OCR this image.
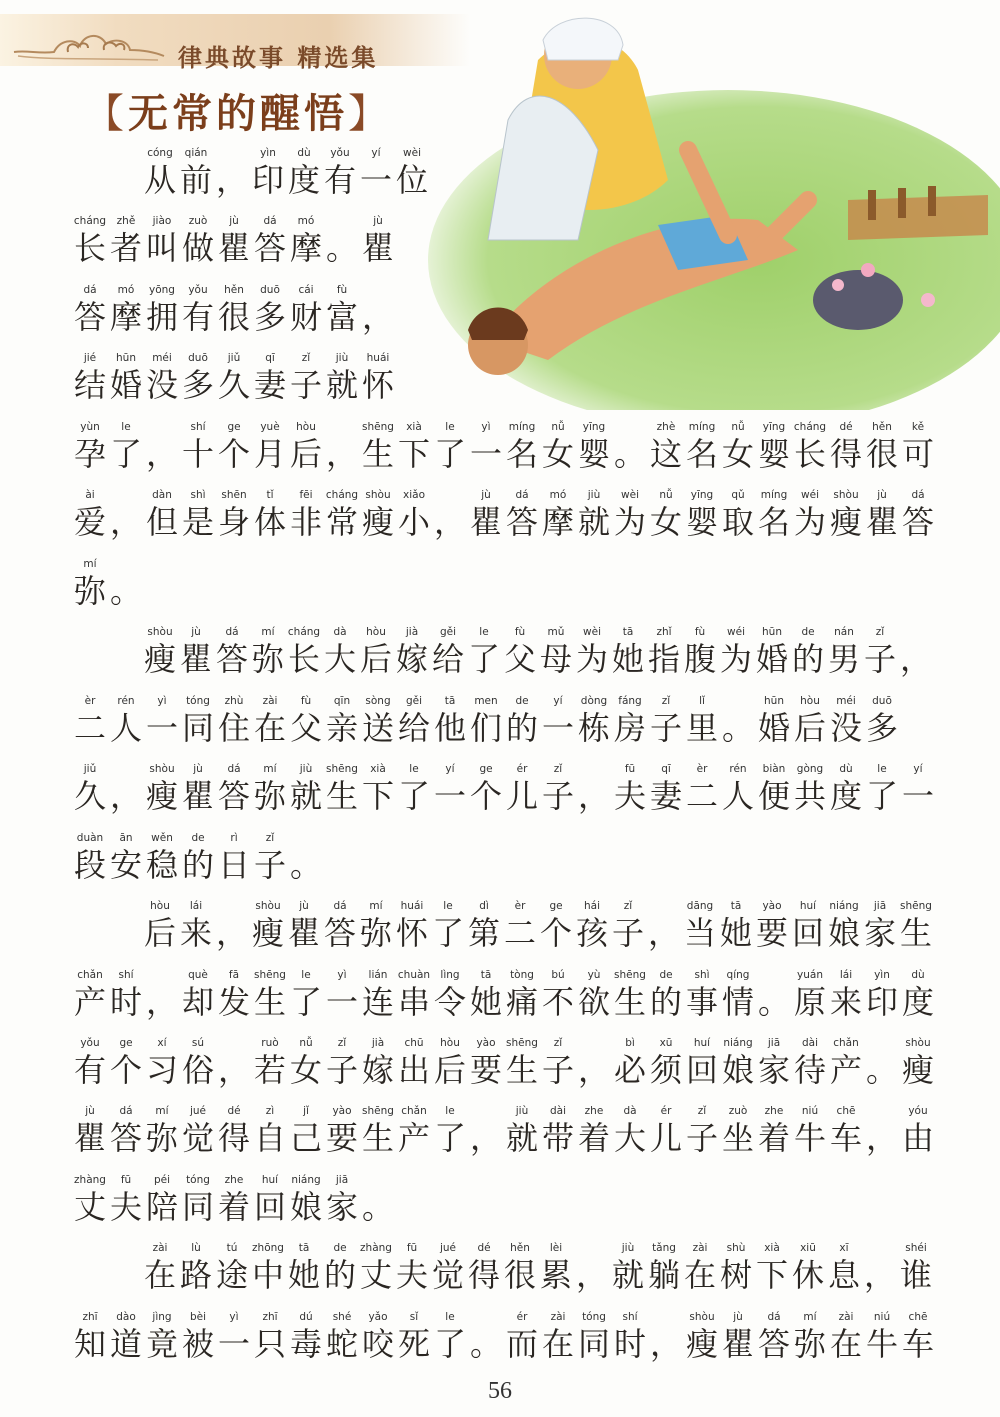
律典故事 精选集
【无常的醒悟】
cóng
从
qián
前 ，
yìn
印
dù
度
yǒu
有
yí
一
wèi
位
cháng
长
zhě
者
jiào
叫
zuò
做
jù
瞿
dá
答
mó
摩 。
jù
瞿
dá
答
mó
摩
yōng
拥
yǒu
有
hěn
很
duō
多
cái
财
fù
富 ，
jié
结
hūn
婚
méi
没
duō
多
jiǔ
久
qī
妻
zǐ
子
jiù
就
huái
怀
yùn
孕
le
了 ，
shí
十
ge
个
yuè
月
hòu
后 ，
shēng
生
xià
下
le
了
yì
一
míng
名
nǚ
女
yīng
婴 。
zhè
这
míng
名
nǚ
女
yīng
婴
cháng
长
dé
得
hěn
很
kě
可
ài
爱 ，
dàn
但
shì
是
shēn
身
tǐ
体
fēi
非
cháng
常
shòu
瘦
xiǎo
小 ，
jù
瞿
dá
答
mó
摩
jiù
就
wèi
为
nǚ
女
yīng
婴
qǔ
取
míng
名
wéi
为
shòu
瘦
jù
瞿
dá
答
mí
弥 。
shòu
瘦
jù
瞿
dá
答
mí
弥
cháng
长
dà
大
hòu
后
jià
嫁
gěi
给
le
了
fù
父
mǔ
母
wèi
为
tā
她
zhǐ
指
fù
腹
wéi
为
hūn
婚
de
的
nán
男
zǐ
子 ，
èr
二
rén
人
yì
一
tóng
同
zhù
住
zài
在
fù
父
qīn
亲
sòng
送
gěi
给
tā
他
men
们
de
的
yí
一
dòng
栋
fáng
房
zǐ
子
lǐ
里 。
hūn
婚
hòu
后
méi
没
duō
多
jiǔ
久 ，
shòu
瘦
jù
瞿
dá
答
mí
弥
jiù
就
shēng
生
xià
下
le
了
yí
一
ge
个
ér
儿
zǐ
子 ，
fū
夫
qī
妻
èr
二
rén
人
biàn
便
gòng
共
dù
度
le
了
yí
一
duàn
段
ān
安
wěn
稳
de
的
rì
日
zǐ
子 。
hòu
后
lái
来 ，
shòu
瘦
jù
瞿
dá
答
mí
弥
huái
怀
le
了
dì
第
èr
二
ge
个
hái
孩
zǐ
子 ，
dāng
当
tā
她
yào
要
huí
回
niáng
娘
jiā
家
shēng
生
chǎn
产
shí
时 ，
què
却
fā
发
shēng
生
le
了
yì
一
lián
连
chuàn
串
lìng
令
tā
她
tòng
痛
bú
不
yù
欲
shēng
生
de
的
shì
事
qíng
情 。
yuán
原
lái
来
yìn
印
dù
度
yǒu
有
ge
个
xí
习
sú
俗 ，
ruò
若
nǚ
女
zǐ
子
jià
嫁
chū
出
hòu
后
yào
要
shēng
生
zǐ
子 ，
bì
必
xū
须
huí
回
niáng
娘
jiā
家
dài
待
chǎn
产 。
shòu
瘦
jù
瞿
dá
答
mí
弥
jué
觉
dé
得
zì
自
jǐ
己
yào
要
shēng
生
chǎn
产
le
了 ，
jiù
就
dài
带
zhe
着
dà
大
ér
儿
zǐ
子
zuò
坐
zhe
着
niú
牛
chē
车 ，
yóu
由
zhàng
丈
fū
夫
péi
陪
tóng
同
zhe
着
huí
回
niáng
娘
jiā
家 。
zài
在
lù
路
tú
途
zhōng
中
tā
她
de
的
zhàng
丈
fū
夫
jué
觉
dé
得
hěn
很
lèi
累 ，
jiù
就
tǎng
躺
zài
在
shù
树
xià
下
xiū
休
xī
息 ，
shéi
谁
zhī
知
dào
道
jìng
竟
bèi
被
yì
一
zhī
只
dú
毒
shé
蛇
yǎo
咬
sǐ
死
le
了 。
ér
而
zài
在
tóng
同
shí
时 ，
shòu
瘦
jù
瞿
dá
答
mí
弥
zài
在
niú
牛
chē
车
56
